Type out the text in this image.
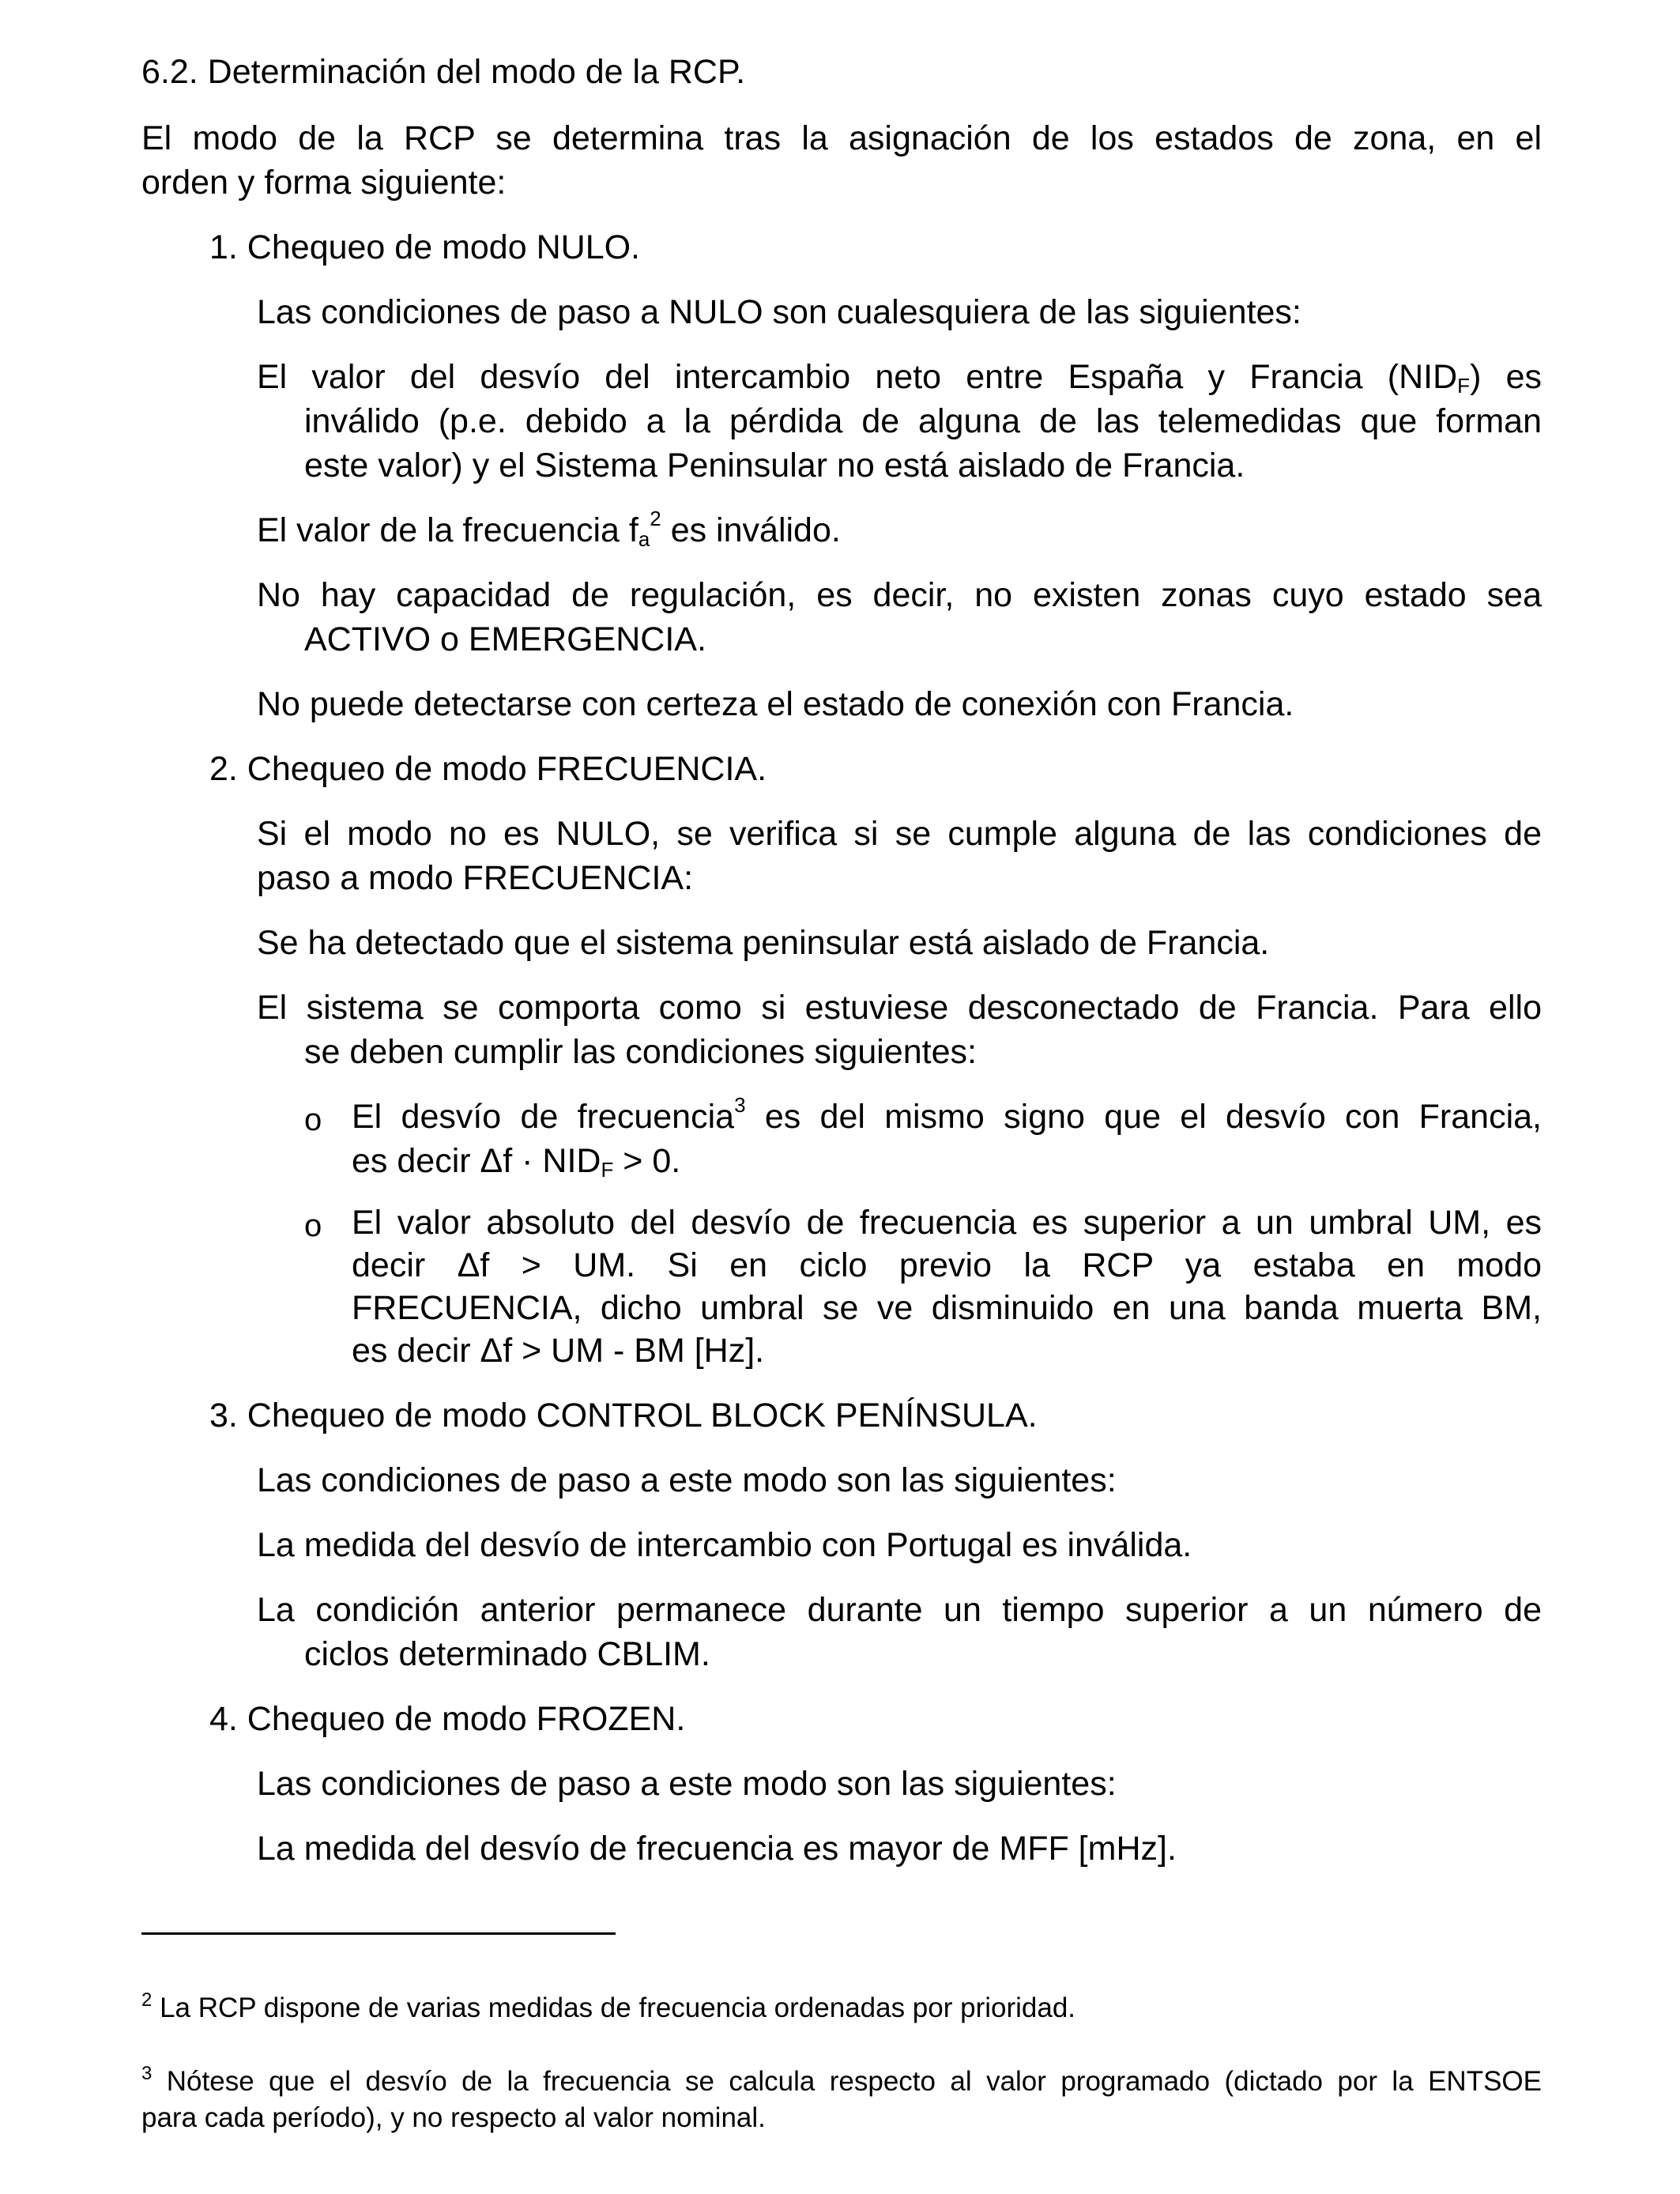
6.2. Determinación del modo de la RCP.

El modo de la RCP se determina tras la asignación de los estados de zona, en el

orden y forma siguiente:

1. Chequeo de modo NULO.

Las condiciones de paso a NULO son cualesquiera de las siguientes:

El valor del desvío del intercambio neto entre España y Francia $(NID_F)$ es

inválido (p.e. debido a la pérdida de alguna de las telemedidas que forman

este valor) y el Sistema Peninsular no está aislado de Francia.

El valor de la frecuencia $f_a^2$ es inválido.

No hay capacidad de regulación, es decir, no existen zonas cuyo estado sea

ACTIVO o EMERGENCIA.

No puede detectarse con certeza el estado de conexión con Francia.

2. Chequeo de modo FRECUENCIA.

Si el modo no es NULO, se verifica si se cumple alguna de las condiciones de

paso a modo FRECUENCIA:

Se ha detectado que el sistema peninsular está aislado de Francia.

El sistema se comporta como si estuviese desconectado de Francia. Para ello

se deben cumplir las condiciones siguientes:

o El desvío de frecuencia$^3$ es del mismo signo que el desvío con Francia,

es decir $\Delta f \cdot NID_F > 0$.

o El valor absoluto del desvío de frecuencia es superior a un umbral UM, es

decir Δf > UM. Si en ciclo previo la RCP ya estaba en modo

FRECUENCIA, dicho umbral se ve disminuido en una banda muerta BM,

es decir Δf > UM - BM [Hz].

3. Chequeo de modo CONTROL BLOCK PENÍNSULA.

Las condiciones de paso a este modo son las siguientes:

La medida del desvío de intercambio con Portugal es inválida.

La condición anterior permanece durante un tiempo superior a un número de

ciclos determinado CBLIM.

4. Chequeo de modo FROZEN.

Las condiciones de paso a este modo son las siguientes:

La medida del desvío de frecuencia es mayor de MFF [mHz].

$^2$ La RCP dispone de varias medidas de frecuencia ordenadas por prioridad.

$^3$ Nótese que el desvío de la frecuencia se calcula respecto al valor programado (dictado por la ENTSOE

para cada período), y no respecto al valor nominal.
